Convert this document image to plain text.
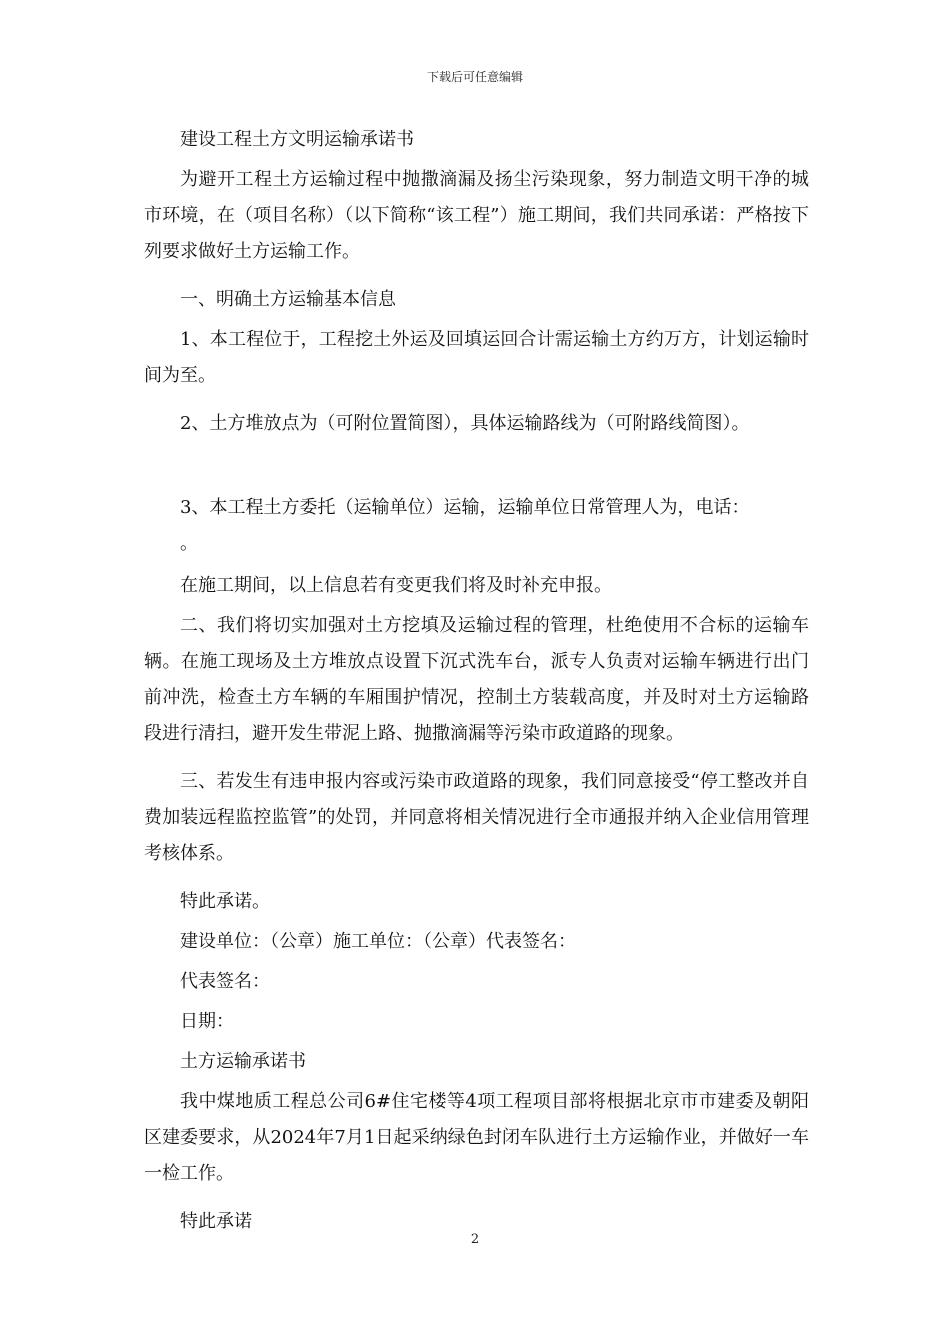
下载后可任意编辑

建设工程土方文明运输承诺书

为避开工程土方运输过程中抛撒滴漏及扬尘污染现象，努力制造文明干净的城市环境，在（项目名称）（以下简称“该工程”）施工期间，我们共同承诺：严格按下列要求做好土方运输工作。

一、明确土方运输基本信息

1、本工程位于，工程挖土外运及回填运回合计需运输土方约万方，计划运输时间为至。

2、土方堆放点为（可附位置简图），具体运输路线为（可附路线简图）。

3、本工程土方委托（运输单位）运输，运输单位日常管理人为，电话：

。

在施工期间，以上信息若有变更我们将及时补充申报。

二、我们将切实加强对土方挖填及运输过程的管理，杜绝使用不合标的运输车辆。在施工现场及土方堆放点设置下沉式洗车台，派专人负责对运输车辆进行出门前冲洗，检查土方车辆的车厢围护情况，控制土方装载高度，并及时对土方运输路段进行清扫，避开发生带泥上路、抛撒滴漏等污染市政道路的现象。

三、若发生有违申报内容或污染市政道路的现象，我们同意接受“停工整改并自费加装远程监控监管”的处罚，并同意将相关情况进行全市通报并纳入企业信用管理考核体系。

特此承诺。

建设单位：（公章）施工单位：（公章）代表签名：

代表签名：

日期：

土方运输承诺书

我中煤地质工程总公司6#住宅楼等4项工程项目部将根据北京市市建委及朝阳区建委要求，从2024年7月1日起采纳绿色封闭车队进行土方运输作业，并做好一车一检工作。

特此承诺

2
